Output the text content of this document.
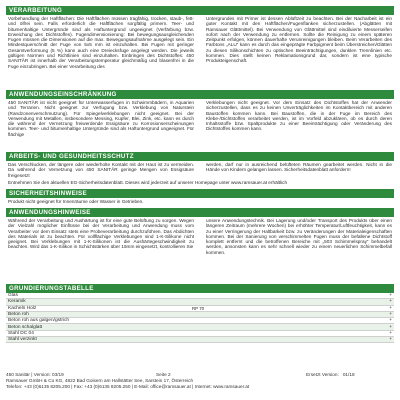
VERARBEITUNG

Vorbehandlung der Haftflächen: Die Haftflächen müssen tragfähig, trocken, staub-, fett- und ölfrei sein. Falls erforderlich die Haftflächen sorgfältig primern. Teer- und bitumenhaltige Untergründe sind als Haftuntergrund ungeeignet (Verfärbung bzw. Erweichung des Dichtstoffes). Fugendimensionierung: Bei bewegungsausgleichenden Fugen müssen die Dimensionen auf die max. Bewegungsaufnahme ausgelegt sein. Ein Mindestquerschnitt der Fuge von 5x5 mm ist einzuhalten. Bei Fugen mit geringer Gesamtverformung (5 %) kann auch eine Dreiecksfuge angelegt werden. Die jeweils gültigen Normen und Richtlinien sind einzuhalten. Einbringen des Dichtstoffes: 450 SANITÄR ist innerhalb der Verarbeitungstemperatur gleichmäßig und blasenfrei in die Fuge einzubringen. Bei einer Verarbeitung des

Untergrundes mit Primer ist dessen Ablüftzeit zu beachten. Bei der Nacharbeit ist ein guter Kontakt mit den Haftflächen/Fugenflanken sicherzustellen. (Abglätten mit Ramsauer Glättmittel). Bei Verwendung von Glättmittel sind eindiluierte Messerseifen sofort nach der Verwendung zu entfernen. Sollte die Reinigung zu einem späteren Zeitpunkt erfolgen, können dauerhafte Verunreinigungen bleiben. Beim Verarbeiten des Farbtons „ALU“ kann es durch das eingeprägte Farbpigment beim Überstreichen/Glätten zu diesen Silikonschichten zu optischen Beeinträchtigungen, dunklen Trennlinien etc. kommen. Dies stellt keinen Reklamationsgrund dar, sondern ist eine typische Produkteigenschaft.

ANWENDUNGSEINSCHRÄNKUNG

450 SANITÄR ist nicht geeignet für Unterwasserfugen in Schwimmbädern, in Aquarien und Terrarien. Nicht geeignet zur Verfugung bzw. Verklebung von Naturstein (Randzonenverschmutzung). Für Spiegelverklebungen nicht geeignet. Bei der Verwendung mit Metallen, insbesondere Messing, Kupfer, Blei, Zink, etc. kann es durch die während der Vernetzung freiwerdende Essigsäure zu Korrosionserscheinungen kommen. Teer- und bitumenhaltige Untergründe sind als Haftuntergrund ungeeignet. Für flächige

Verklebungen nicht geeignet. Vor dem Einsatz des Dichtstoffes hat der Anwender sicherzustellen, dass es zu keinen Unverträglichkeiten im Kontaktbereich mit anderen Baustoffen kommen kann. Bei Baustoffen, die in der Fuge im Bereich des Klebe-/Dichtstoffes verarbeitet werden, ist im Vorfeld abzuklären, ob es durch deren Inhaltsstoffe bzw. Spaltprodukte zu einer Beeinträchtigung oder Veränderung des Dichtstoffes kommen kann.

ARBEITS- UND GESUNDHEITSSCHUTZ

Das Verschlucken, der längere oder wiederholte Kontakt mit der Haut ist zu vermeiden. Da während der Vernetzung von 450 SANITÄR geringe Mengen von Essigsäure freigesetzt

werden, darf nur in ausreichend belüfteten Räumen gearbeitet werden. Nicht in die Hände von Kindern gelangen lassen. Sicherheitsdatenblatt anfordern!

Entnehmen Sie den aktuellen EG-Sicherheitsdatenblatt. Dieses wird jederzeit auf unserer Homepage unter www.ramsauer.at erhältlich
SICHERHEITSHINWEISE
Produkt nicht geeignet für Innenräume oder Wasser in Getrieben.
ANWENDUNGSHINWEISE

Während der Verarbeitung und Aushärtung ist für eine gute Belüftung zu sorgen. Wegen der Vielzahl möglicher Einflüsse bei der Verarbeitung und Anwendung muss vom Verarbeiter vor dem Einsatz stets eine Probeverarbeitung durchzuführen. Das Abdichten des Materials ist zu beachten. Für vollflächige Verklebungen sind 1-K-Silikone nicht geeignet. Bei Verklebungen mit 1-K-Silikonen ist die Aushärtegeschwindigkeit zu beachten. Wird das 1-K-Silikon in Schichtstärken über 15mm eingesetzt, kontrollieren Sie

unsere Anwendungstechnik. Bei Lagerung und/oder Transport des Produkts über einen längeren Zeitraum (mehrere Wochen) bei erhöhter Temperatur/Luftfeuchtigkeit, kann es zu einer Verringerung der Haltbarkeit bzw. zu Veränderungen der Materialeigenschaften kommen. Bei der Sanierung von verschimmelten Fugen muss der befallene Dichtstoff komplett entfernt und die betroffenen Bereiche mit „503 Schimmelspray“ behandelt werden, ansonsten kann es sehr schnell wieder zu einem neuerlichen Schimmelbefall kommen.

GRUNDIERUNGSTABELLE
Glas				+
Keramik				+
Kacheln Holz		RP 70		+
Beton roh				+
Beton roh aus galgen/gstrich				+
Beton schalglatt				+
Stahl DC 04				+
Stahl verzinkt				+
450 Sanitär | Version: 03/19	Seite 2	Ersetzt Version: 01/18
Ramsauer GmbH & Co KG, 4822 Bad Goisern am Hallstätter See, Sarstein 17, Österreich
Telefon: +43 (0)6135 8205.200 | Fax: +43 (0)6135 8205.250 | E-Mail: office@ramsauer.at | Internet: www.ramsauer.at
